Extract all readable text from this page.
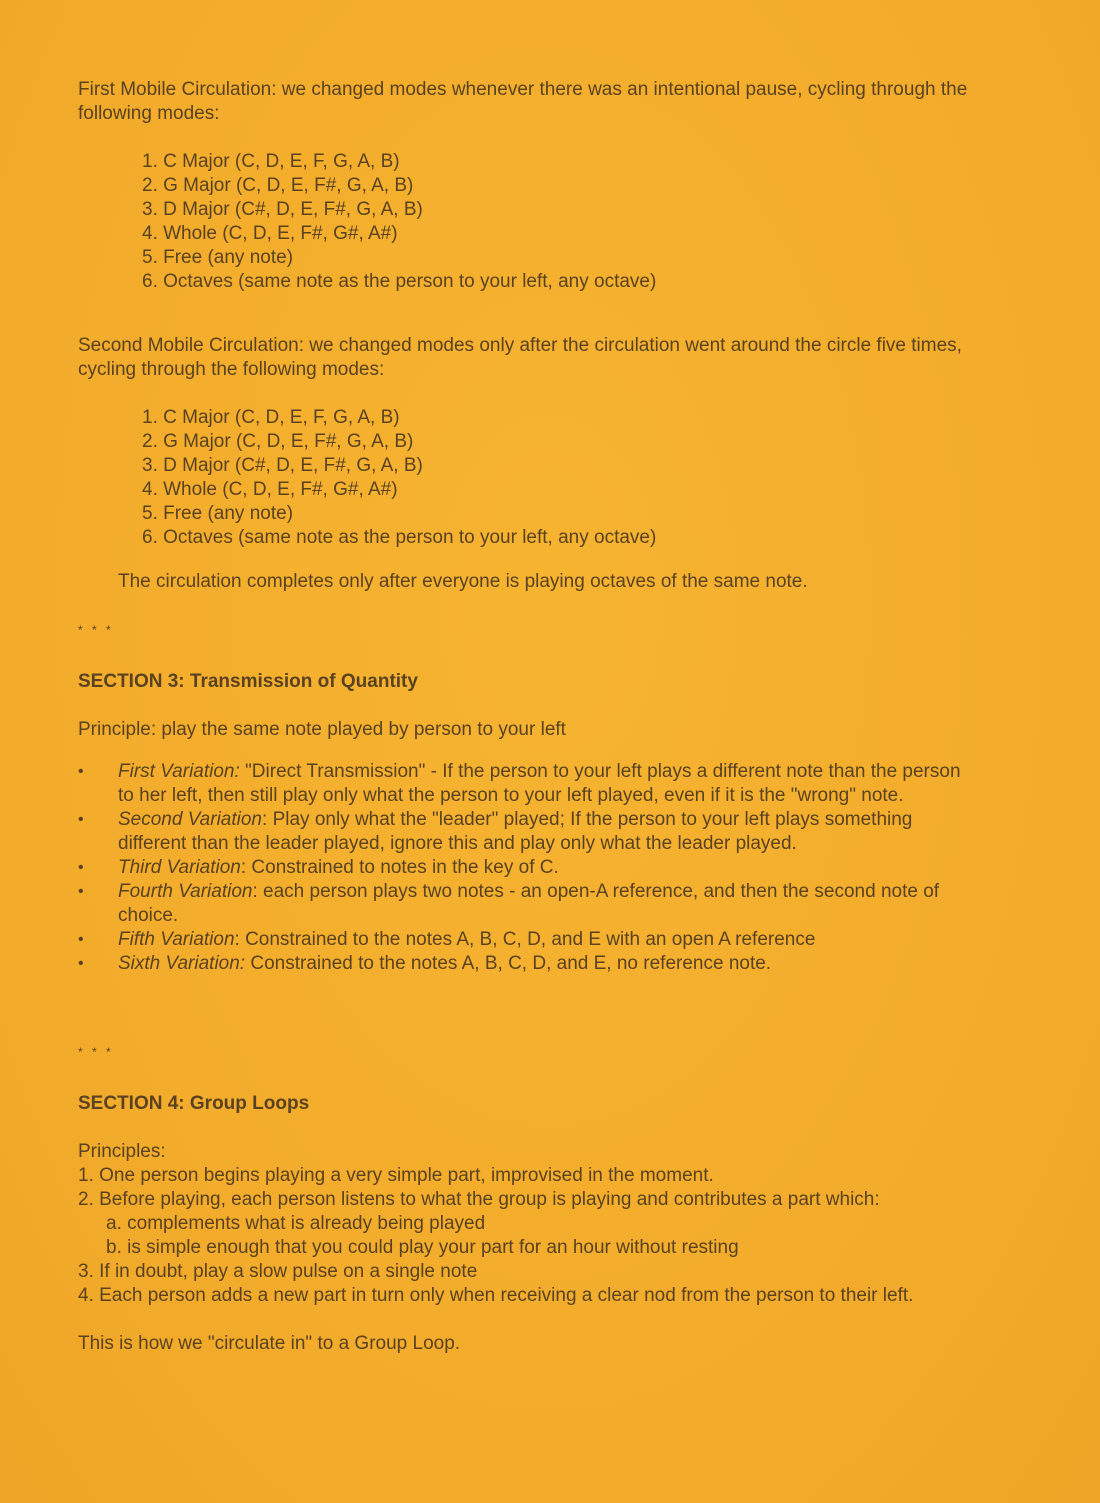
First Mobile Circulation: we changed modes whenever there was an intentional pause, cycling through the following modes:

1. C Major (C, D, E, F, G, A, B)
2. G Major (C, D, E, F#, G, A, B)
3. D Major (C#, D, E, F#, G, A, B)
4. Whole (C, D, E, F#, G#, A#)
5. Free (any note)
6. Octaves (same note as the person to your left, any octave)

Second Mobile Circulation: we changed modes only after the circulation went around the circle five times, cycling through the following modes:

1. C Major (C, D, E, F, G, A, B)
2. G Major (C, D, E, F#, G, A, B)
3. D Major (C#, D, E, F#, G, A, B)
4. Whole (C, D, E, F#, G#, A#)
5. Free (any note)
6. Octaves (same note as the person to your left, any octave)

The circulation completes only after everyone is playing octaves of the same note.

* * *
SECTION 3: Transmission of Quantity

Principle: play the same note played by person to your left

• First Variation: "Direct Transmission" - If the person to your left plays a different note than the person to her left, then still play only what the person to your left played, even if it is the "wrong" note.
• Second Variation: Play only what the "leader" played; If the person to your left plays something different than the leader played, ignore this and play only what the leader played.
• Third Variation: Constrained to notes in the key of C.
• Fourth Variation: each person plays two notes - an open-A reference, and then the second note of choice.
• Fifth Variation: Constrained to the notes A, B, C, D, and E with an open A reference
• Sixth Variation: Constrained to the notes A, B, C, D, and E, no reference note.
* * *
SECTION 4: Group Loops

Principles:

1. One person begins playing a very simple part, improvised in the moment.
2. Before playing, each person listens to what the group is playing and contributes a part which:
a. complements what is already being played
b. is simple enough that you could play your part for an hour without resting
3. If in doubt, play a slow pulse on a single note
4. Each person adds a new part in turn only when receiving a clear nod from the person to their left.

This is how we "circulate in" to a Group Loop.
